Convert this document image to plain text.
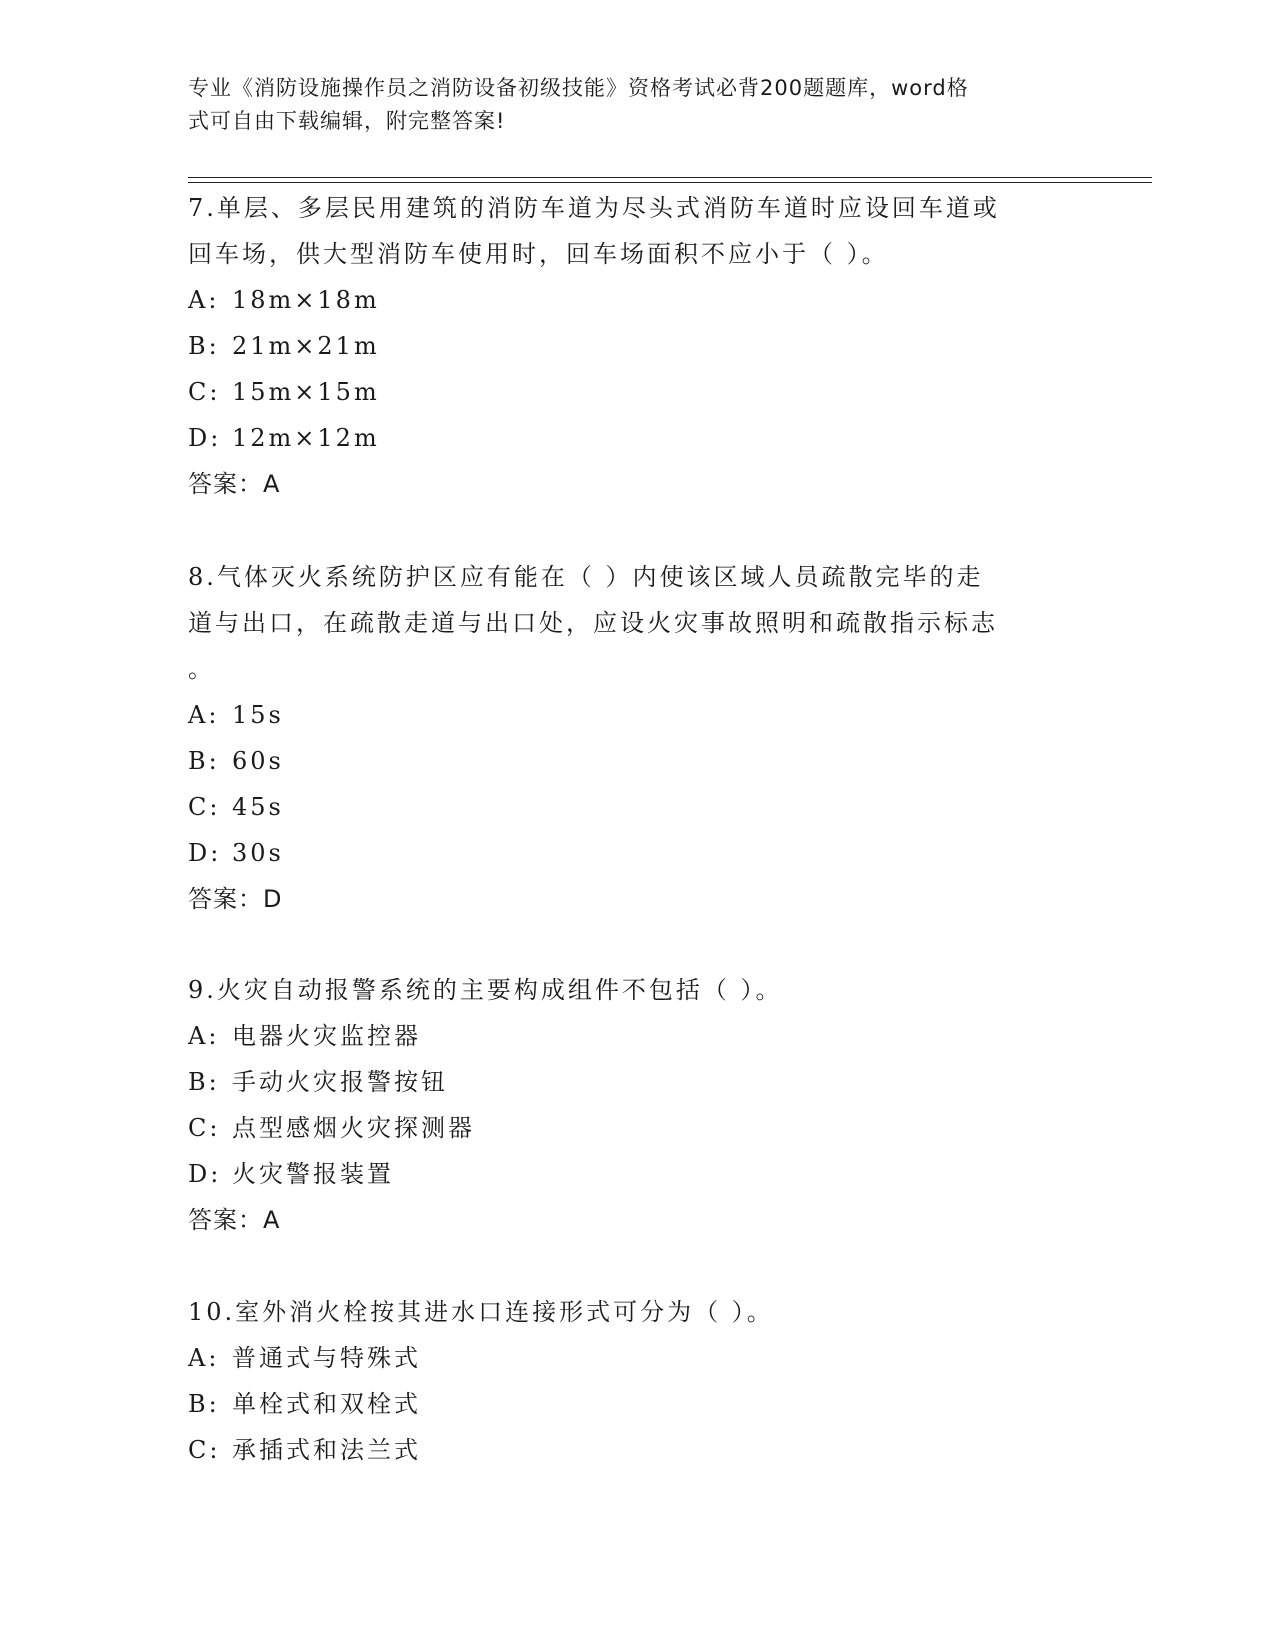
专业《消防设施操作员之消防设备初级技能》资格考试必背200题题库，word格
式可自由下载编辑，附完整答案!
7.单层、多层民用建筑的消防车道为尽头式消防车道时应设回车道或
回车场，供大型消防车使用时，回车场面积不应小于（ ）。
A: 18m×18m
B: 21m×21m
C: 15m×15m
D: 12m×12m
答案：A
8.气体灭火系统防护区应有能在（ ）内使该区域人员疏散完毕的走
道与出口，在疏散走道与出口处，应设火灾事故照明和疏散指示标志
。
A: 15s
B: 60s
C: 45s
D: 30s
答案：D
9.火灾自动报警系统的主要构成组件不包括（ ）。
A: 电器火灾监控器
B: 手动火灾报警按钮
C: 点型感烟火灾探测器
D: 火灾警报装置
答案：A
10.室外消火栓按其进水口连接形式可分为（ ）。
A: 普通式与特殊式
B: 单栓式和双栓式
C: 承插式和法兰式
